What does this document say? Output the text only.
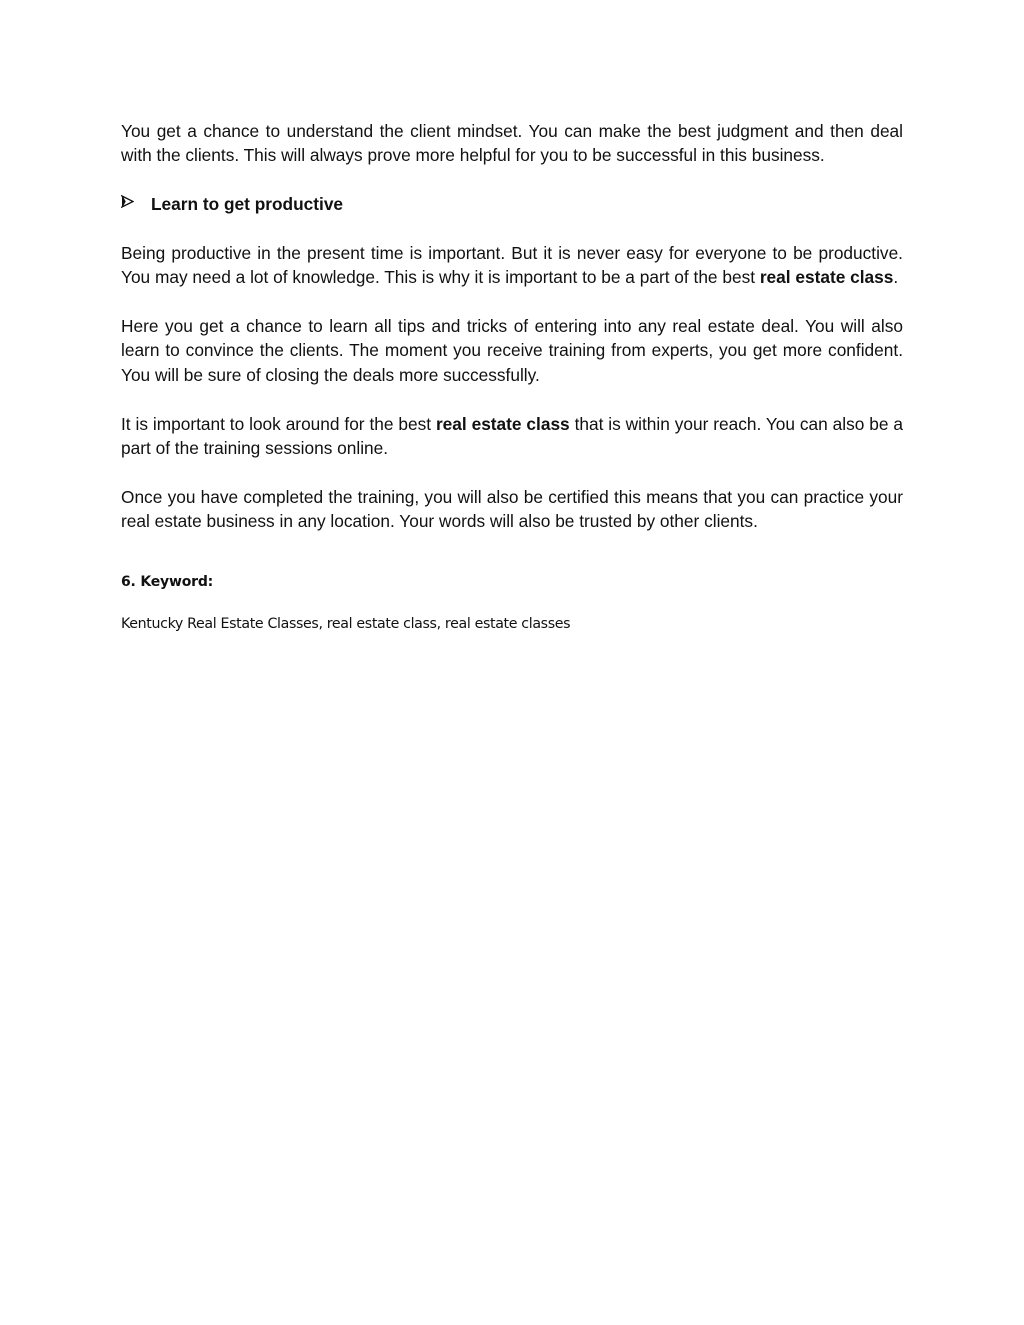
You get a chance to understand the client mindset. You can make the best judgment and then deal with the clients. This will always prove more helpful for you to be successful in this business.

Learn to get productive

Being productive in the present time is important. But it is never easy for everyone to be productive. You may need a lot of knowledge. This is why it is important to be a part of the best real estate class.

Here you get a chance to learn all tips and tricks of entering into any real estate deal. You will also learn to convince the clients. The moment you receive training from experts, you get more confident. You will be sure of closing the deals more successfully.

It is important to look around for the best real estate class that is within your reach. You can also be a part of the training sessions online.

Once you have completed the training, you will also be certified this means that you can practice your real estate business in any location. Your words will also be trusted by other clients.

6. Keyword:

Kentucky Real Estate Classes, real estate class, real estate classes
